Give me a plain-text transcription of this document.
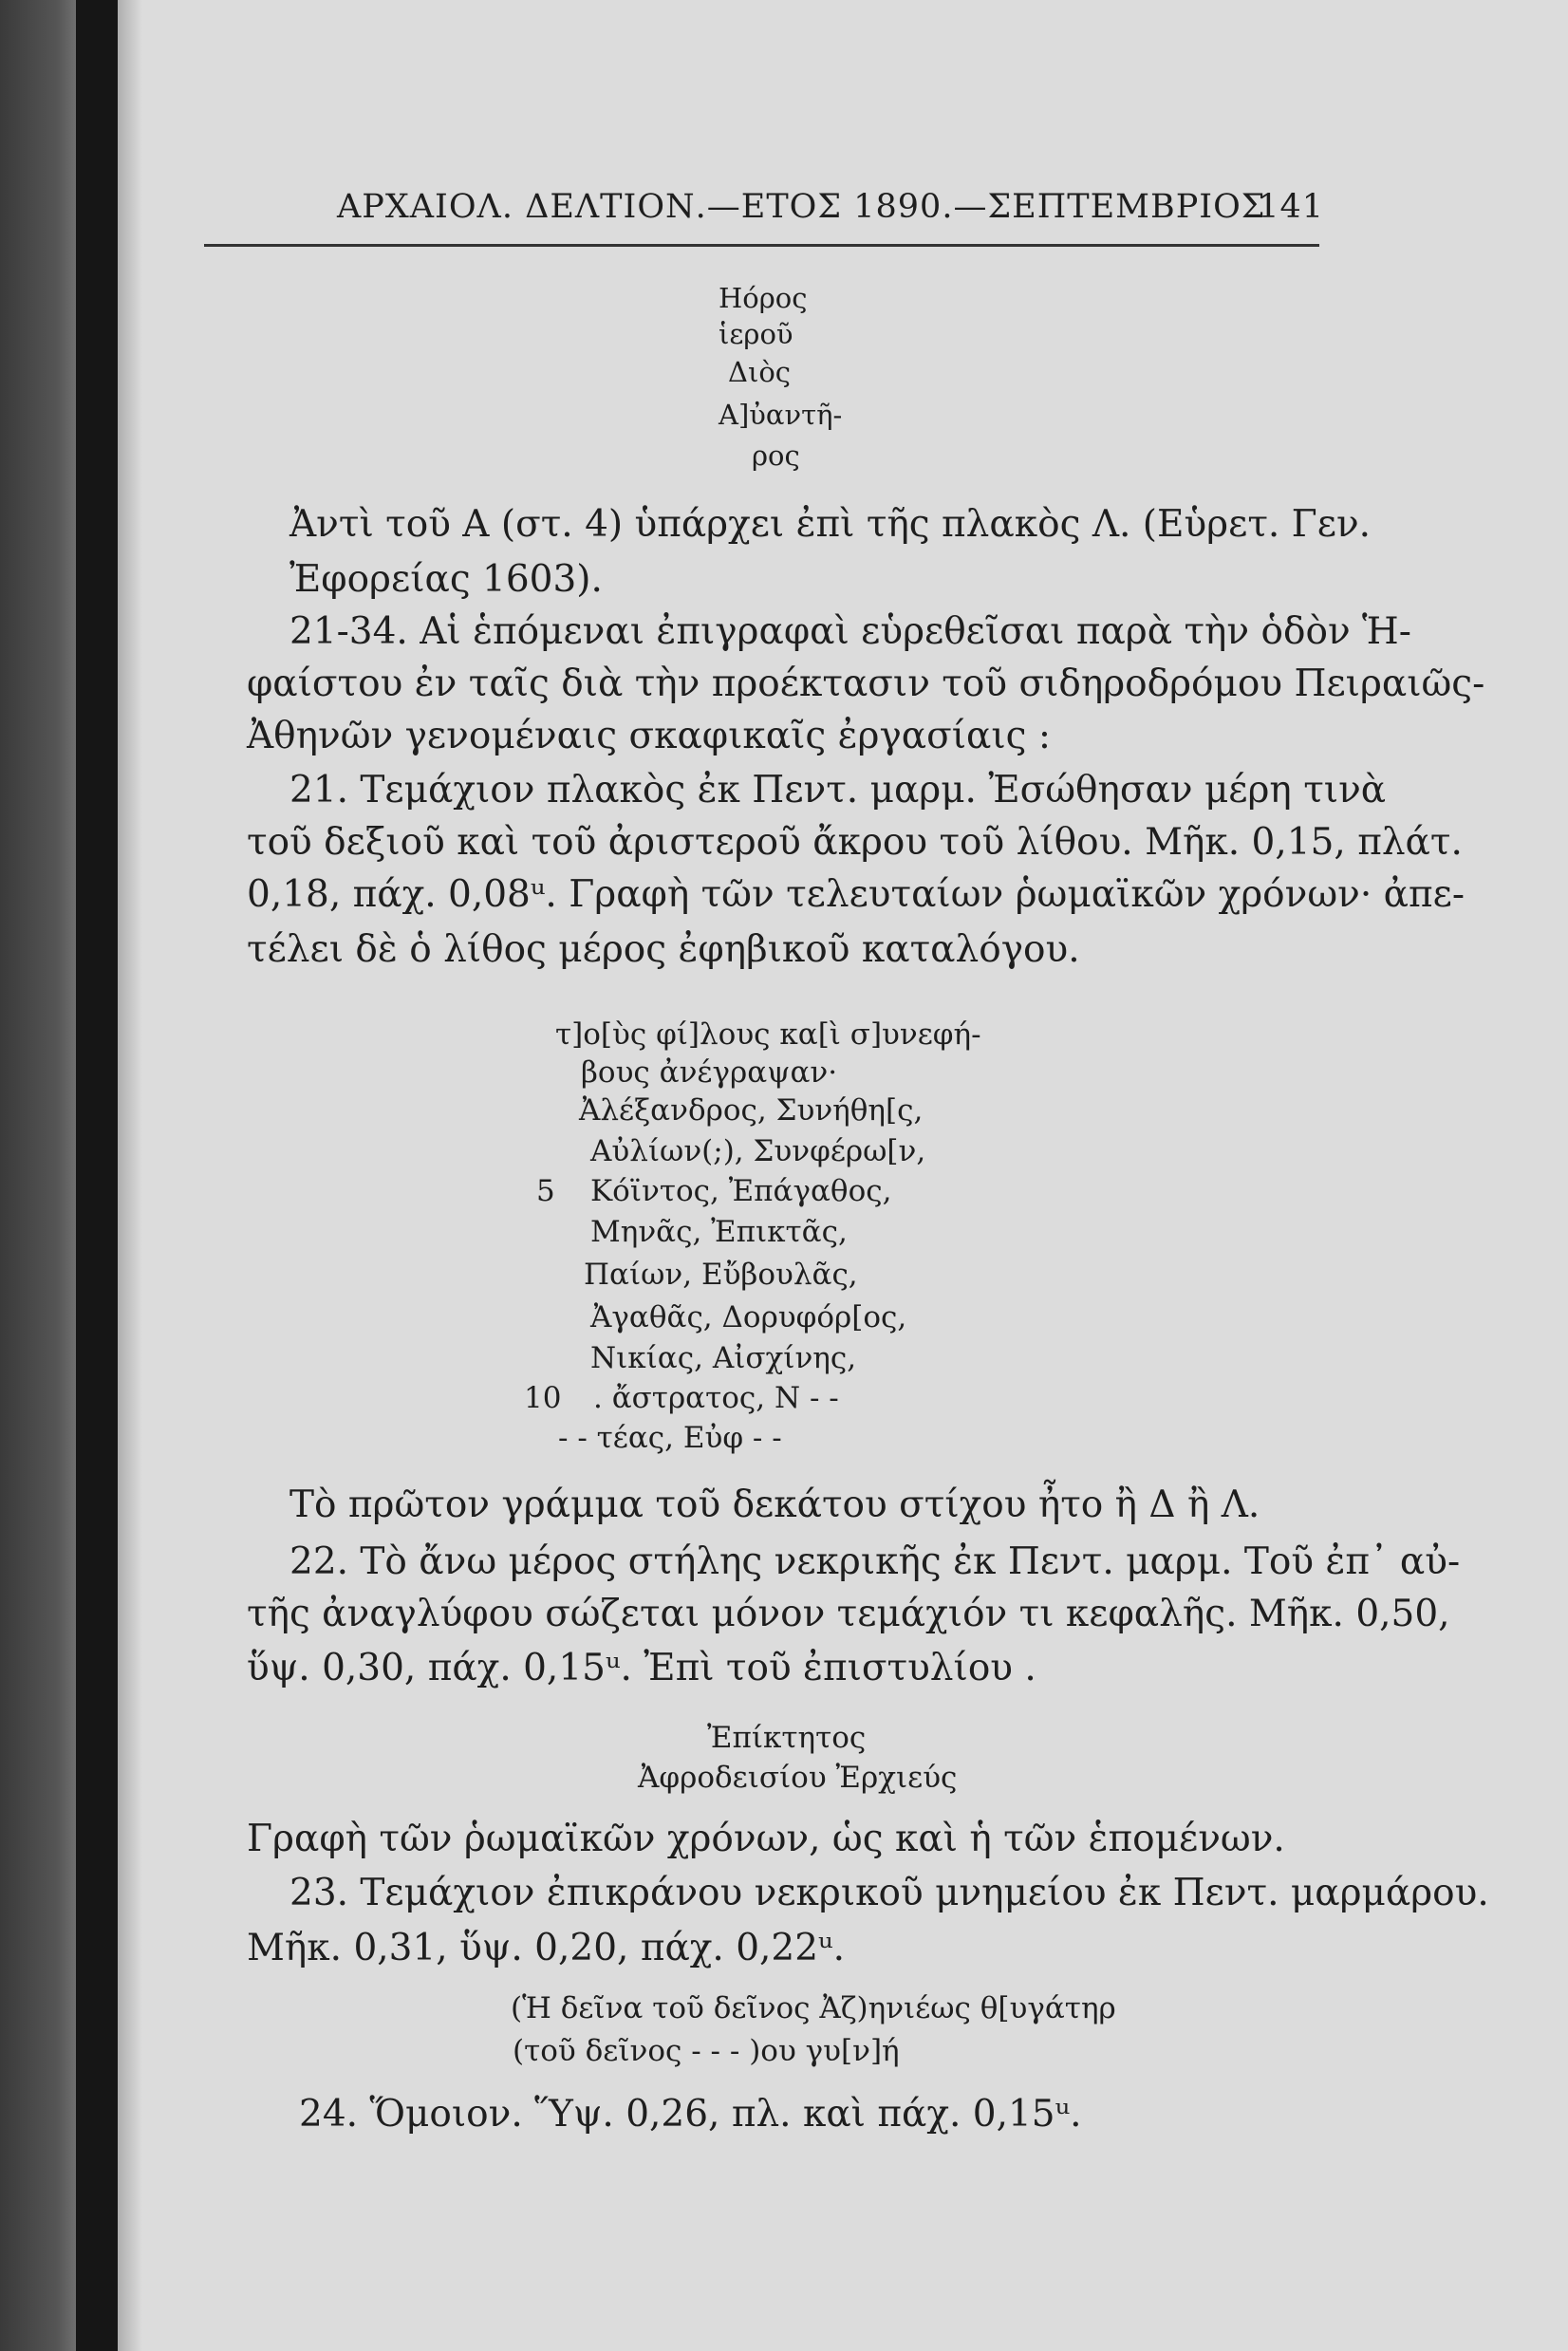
ΑΡΧΑΙΟΛ. ΔΕΛΤΙΟΝ.—ΕΤΟΣ 1890.—ΣΕΠΤΕΜΒΡΙΟΣ
141
Ηόρος
ἱεροῦ
Διὸς
Α]ὐαντῆ-
ρος
Ἀντὶ τοῦ Α (στ. 4) ὑπάρχει ἐπὶ τῆς πλακὸς Λ. (Εὑρετ. Γεν.
Ἐφορείας 1603).
21-34. Αἱ ἑπόμεναι ἐπιγραφαὶ εὑρεθεῖσαι παρὰ τὴν ὁδὸν Ἡ-
φαίστου ἐν ταῖς διὰ τὴν προέκτασιν τοῦ σιδηροδρόμου Πειραιῶς-
Ἀθηνῶν γενομέναις σκαφικαῖς ἐργασίαις :
21. Τεμάχιον πλακὸς ἐκ Πεντ. μαρμ. Ἐσώθησαν μέρη τινὰ
τοῦ δεξιοῦ καὶ τοῦ ἀριστεροῦ ἄκρου τοῦ λίθου. Μῆκ. 0,15, πλάτ.
0,18, πάχ. 0,08ᵘ. Γραφὴ τῶν τελευταίων ῥωμαϊκῶν χρόνων· ἀπε-
τέλει δὲ ὁ λίθος μέρος ἐφηβικοῦ καταλόγου.
τ]ο[ὺς φί]λους κα[ὶ σ]υνεφή-
βους ἀνέγραψαν·
Ἀλέξανδρος, Συνήθη[ς,
Αὐλίων(;), Συνφέρω[ν,
5 Κόϊντος, Ἐπάγαθος,
Μηνᾶς, Ἐπικτᾶς,
Παίων, Εὔβουλᾶς,
Ἀγαθᾶς, Δορυφόρ[ος,
Νικίας, Αἰσχίνης,
10 . ἄστρατος, Ν - -
- - τέας, Εὐφ - -
Τὸ πρῶτον γράμμα τοῦ δεκάτου στίχου ἦτο ἢ Δ ἢ Λ.
22. Τὸ ἄνω μέρος στήλης νεκρικῆς ἐκ Πεντ. μαρμ. Τοῦ ἐπ᾿ αὐ-
τῆς ἀναγλύφου σώζεται μόνον τεμάχιόν τι κεφαλῆς. Μῆκ. 0,50,
ὕψ. 0,30, πάχ. 0,15ᵘ. Ἐπὶ τοῦ ἐπιστυλίου .
Ἐπίκτητος
Ἀφροδεισίου Ἐρχιεύς
Γραφὴ τῶν ῥωμαϊκῶν χρόνων, ὡς καὶ ἡ τῶν ἑπομένων.
23. Τεμάχιον ἐπικράνου νεκρικοῦ μνημείου ἐκ Πεντ. μαρμάρου.
Μῆκ. 0,31, ὕψ. 0,20, πάχ. 0,22ᵘ.
(Ἡ δεῖνα τοῦ δεῖνος Ἀζ)ηνιέως θ[υγάτηρ
(τοῦ δεῖνος - - - )ου γυ[ν]ή
24. Ὅμοιον. Ὕψ. 0,26, πλ. καὶ πάχ. 0,15ᵘ.
